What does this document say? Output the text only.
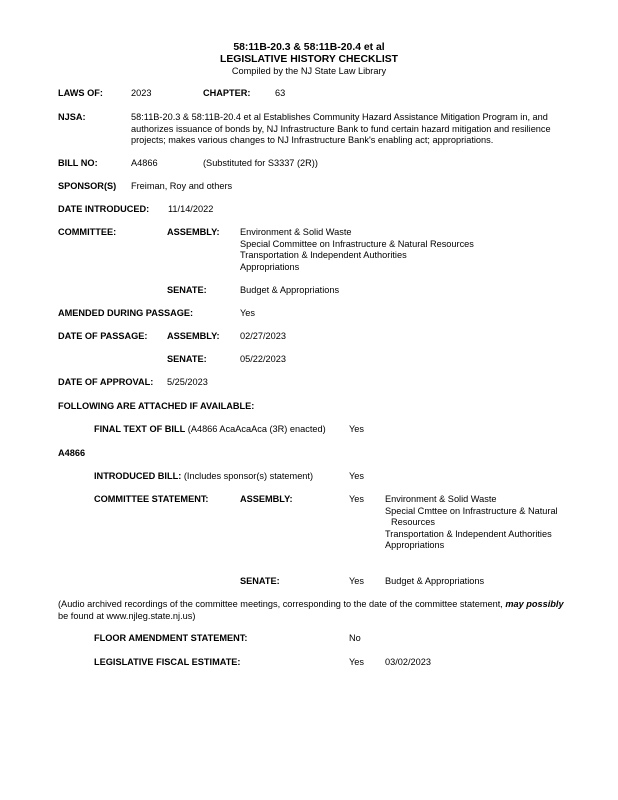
58:11B-20.3 & 58:11B-20.4 et al
LEGISLATIVE HISTORY CHECKLIST
Compiled by the NJ State Law Library
LAWS OF:	2023	CHAPTER:	63
NJSA:	58:11B-20.3 & 58:11B-20.4 et al Establishes Community Hazard Assistance Mitigation Program in, and
authorizes issuance of bonds by, NJ Infrastructure Bank to fund certain hazard mitigation and resilience
projects; makes various changes to NJ Infrastructure Bank's enabling act; appropriations.
BILL NO:	A4866	(Substituted for S3337 (2R))
SPONSOR(S) Freiman, Roy and others
DATE INTRODUCED: 11/14/2022
COMMITTEE:	ASSEMBLY: Environment & Solid Waste
Special Committee on Infrastructure & Natural Resources
Transportation & Independent Authorities
Appropriations
SENATE:	Budget & Appropriations
AMENDED DURING PASSAGE:	Yes
DATE OF PASSAGE: ASSEMBLY: 02/27/2023
SENATE:	05/22/2023
DATE OF APPROVAL: 5/25/2023
FOLLOWING ARE ATTACHED IF AVAILABLE:
FINAL TEXT OF BILL (A4866 AcaAcaAca (3R) enacted)	Yes
A4866
INTRODUCED BILL: (Includes sponsor(s) statement)	Yes
COMMITTEE STATEMENT:	ASSEMBLY:	Yes Environment & Solid Waste
Special Cmttee on Infrastructure & Natural
Resources
Transportation & Independent Authorities
Appropriations
SENATE:	Yes Budget & Appropriations
(Audio archived recordings of the committee meetings, corresponding to the date of the committee statement, may possibly
be found at www.njleg.state.nj.us)
FLOOR AMENDMENT STATEMENT:	No
LEGISLATIVE FISCAL ESTIMATE:	Yes 03/02/2023
